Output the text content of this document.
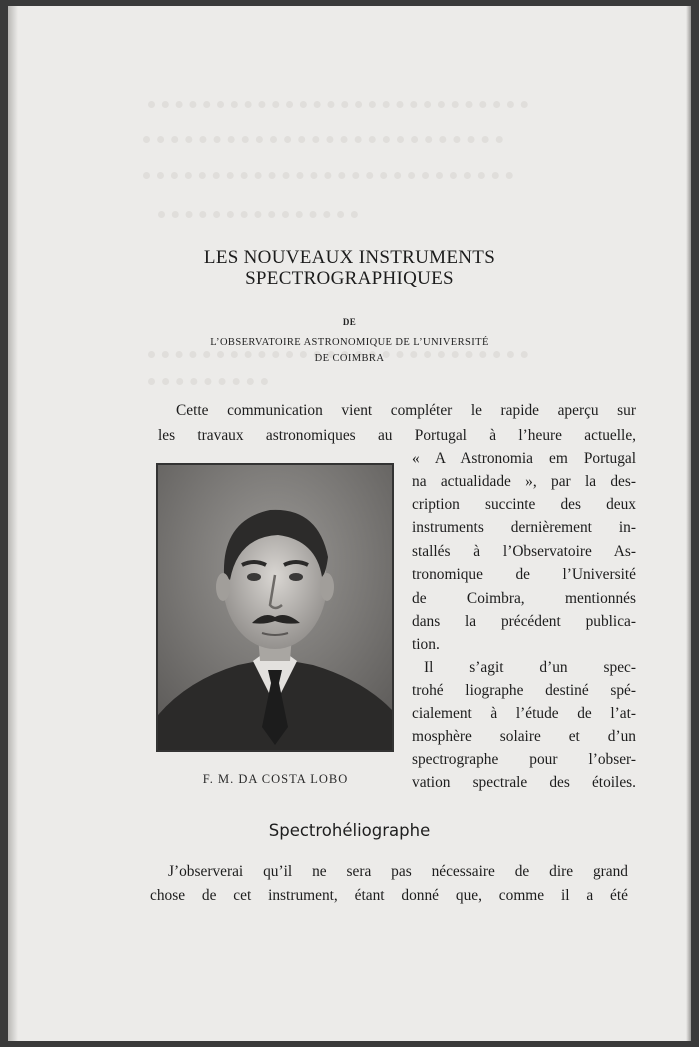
LES NOUVEAUX INSTRUMENTS
SPECTROGRAPHIQUES
DE
L’OBSERVATOIRE ASTRONOMIQUE DE L’UNIVERSITÉ
DE COIMBRA
Cette communication vient compléter le rapide aperçu sur
les travaux astronomiques au Portugal à l’heure actuelle,
F. M. DA COSTA LOBO
« A Astronomia em Portugal
na actualidade », par la des-
cription succinte des deux
instruments dernièrement in-
stallés à l’Observatoire As-
tronomique de l’Université
de Coimbra, mentionnés
dans la précédent publica-
tion.
Il s’agit d’un spec-
trohé liographe destiné spé-
cialement à l’étude de l’at-
mosphère solaire et d’un
spectrographe pour l’obser-
vation spectrale des étoiles.
Spectrohéliographe
J’observerai qu’il ne sera pas nécessaire de dire grand
chose de cet instrument, étant donné que, comme il a été
